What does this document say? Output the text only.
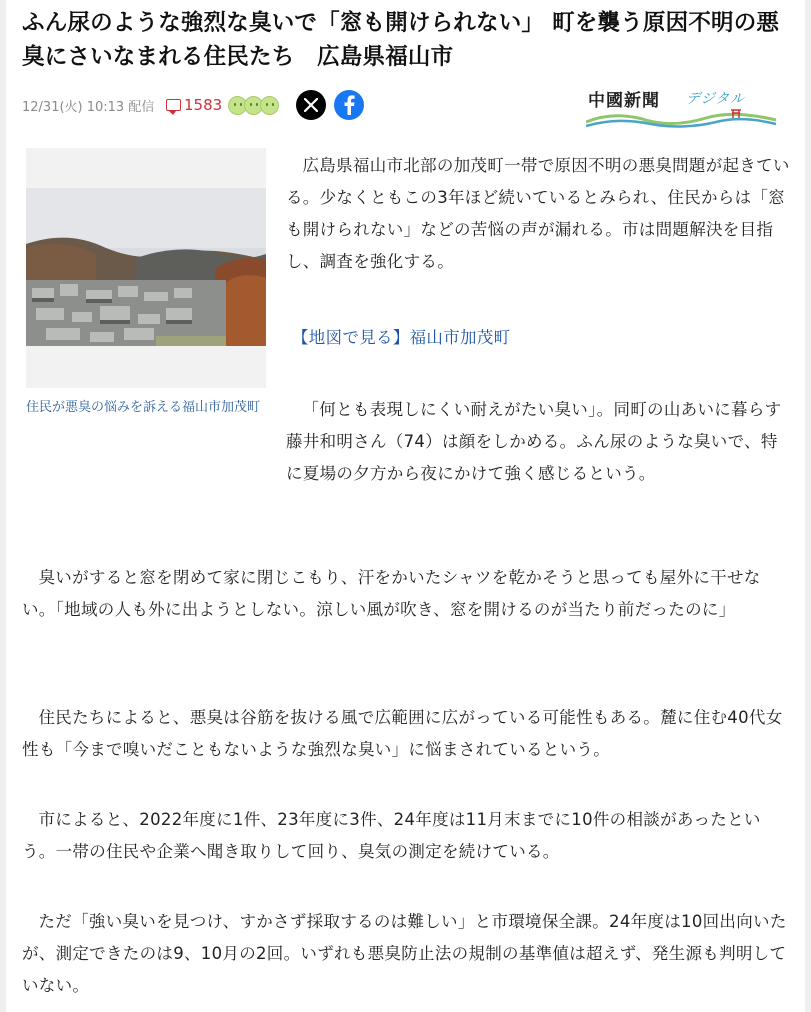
ふん尿のような強烈な臭いで「窓も開けられない」 町を襲う原因不明の悪臭にさいなまれる住民たち　広島県福山市
12/31(火) 10:13 配信 1583	中國新聞 デジタル

住民が悪臭の悩みを訴える福山市加茂町

広島県福山市北部の加茂町一帯で原因不明の悪臭問題が起きている。少なくともこの3年ほど続いているとみられ、住民からは「窓も開けられない」などの苦悩の声が漏れる。市は問題解決を目指し、調査を強化する。

【地図で見る】福山市加茂町

「何とも表現しにくい耐えがたい臭い」。同町の山あいに暮らす藤井和明さん（74）は顔をしかめる。ふん尿のような臭いで、特に夏場の夕方から夜にかけて強く感じるという。

臭いがすると窓を閉めて家に閉じこもり、汗をかいたシャツを乾かそうと思っても屋外に干せない。「地域の人も外に出ようとしない。涼しい風が吹き、窓を開けるのが当たり前だったのに」

住民たちによると、悪臭は谷筋を抜ける風で広範囲に広がっている可能性もある。麓に住む40代女性も「今まで嗅いだこともないような強烈な臭い」に悩まされているという。

市によると、2022年度に1件、23年度に3件、24年度は11月末までに10件の相談があったという。一帯の住民や企業へ聞き取りして回り、臭気の測定を続けている。

ただ「強い臭いを見つけ、すかさず採取するのは難しい」と市環境保全課。24年度は10回出向いたが、測定できたのは9、10月の2回。いずれも悪臭防止法の規制の基準値は超えず、発生源も判明していない。
